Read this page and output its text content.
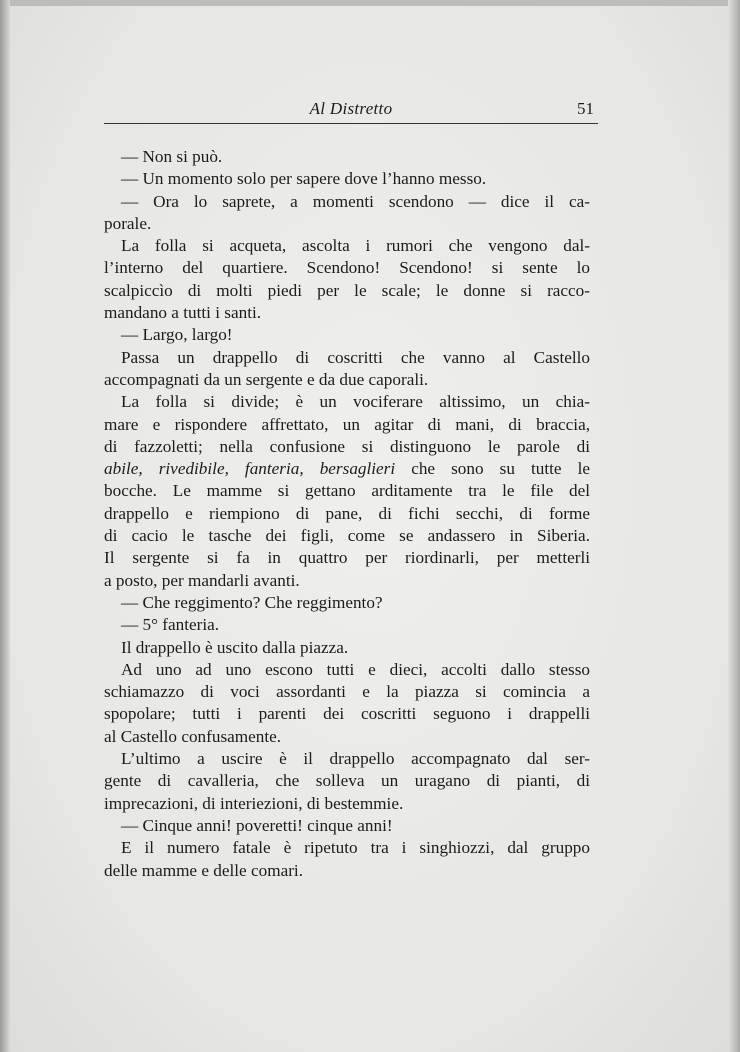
Al Distretto	51
— Non si può.
— Un momento solo per sapere dove l’hanno messo.
— Ora lo saprete, a momenti scendono — dice il ca-
porale.
La folla si acqueta, ascolta i rumori che vengono dal-
l’interno del quartiere. Scendono! Scendono! si sente lo
scalpiccìo di molti piedi per le scale; le donne si racco-
mandano a tutti i santi.
— Largo, largo!
Passa un drappello di coscritti che vanno al Castello
accompagnati da un sergente e da due caporali.
La folla si divide; è un vociferare altissimo, un chia-
mare e rispondere affrettato, un agitar di mani, di braccia,
di fazzoletti; nella confusione si distinguono le parole di
abile, rivedibile, fanteria, bersaglieri che sono su tutte le
bocche. Le mamme si gettano arditamente tra le file del
drappello e riempiono di pane, di fichi secchi, di forme
di cacio le tasche dei figli, come se andassero in Siberia.
Il sergente si fa in quattro per riordinarli, per metterli
a posto, per mandarli avanti.
— Che reggimento? Che reggimento?
— 5° fanteria.
Il drappello è uscito dalla piazza.
Ad uno ad uno escono tutti e dieci, accolti dallo stesso
schiamazzo di voci assordanti e la piazza si comincia a
spopolare; tutti i parenti dei coscritti seguono i drappelli
al Castello confusamente.
L’ultimo a uscire è il drappello accompagnato dal ser-
gente di cavalleria, che solleva un uragano di pianti, di
imprecazioni, di interiezioni, di bestemmie.
— Cinque anni! poveretti! cinque anni!
E il numero fatale è ripetuto tra i singhiozzi, dal gruppo
delle mamme e delle comari.
